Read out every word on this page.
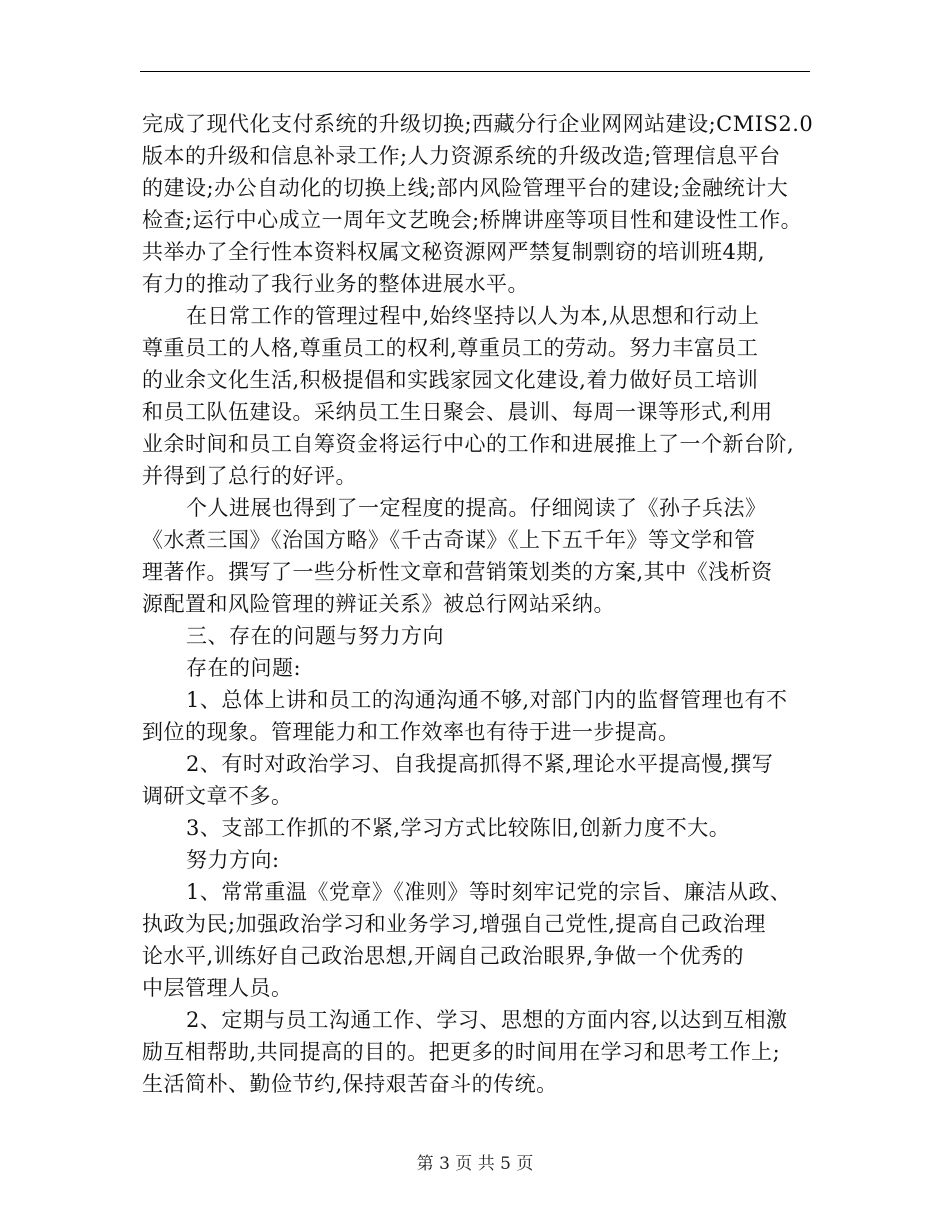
完成了现代化支付系统的升级切换;西藏分行企业网网站建设;CMIS2.0
版本的升级和信息补录工作;人力资源系统的升级改造;管理信息平台
的建设;办公自动化的切换上线;部内风险管理平台的建设;金融统计大
检查;运行中心成立一周年文艺晚会;桥牌讲座等项目性和建设性工作。
共举办了全行性本资料权属文秘资源网严禁复制剽窃的培训班4期,
有力的推动了我行业务的整体进展水平。
在日常工作的管理过程中,始终坚持以人为本,从思想和行动上
尊重员工的人格,尊重员工的权利,尊重员工的劳动。努力丰富员工
的业余文化生活,积极提倡和实践家园文化建设,着力做好员工培训
和员工队伍建设。采纳员工生日聚会、晨训、每周一课等形式,利用
业余时间和员工自筹资金将运行中心的工作和进展推上了一个新台阶,
并得到了总行的好评。
个人进展也得到了一定程度的提高。仔细阅读了《孙子兵法》
《水煮三国》《治国方略》《千古奇谋》《上下五千年》等文学和管
理著作。撰写了一些分析性文章和营销策划类的方案,其中《浅析资
源配置和风险管理的辨证关系》被总行网站采纳。
三、存在的问题与努力方向
存在的问题:
1、总体上讲和员工的沟通沟通不够,对部门内的监督管理也有不
到位的现象。管理能力和工作效率也有待于进一步提高。
2、有时对政治学习、自我提高抓得不紧,理论水平提高慢,撰写
调研文章不多。
3、支部工作抓的不紧,学习方式比较陈旧,创新力度不大。
努力方向:
1、常常重温《党章》《准则》等时刻牢记党的宗旨、廉洁从政、
执政为民;加强政治学习和业务学习,增强自己党性,提高自己政治理
论水平,训练好自己政治思想,开阔自己政治眼界,争做一个优秀的
中层管理人员。
2、定期与员工沟通工作、学习、思想的方面内容,以达到互相激
励互相帮助,共同提高的目的。把更多的时间用在学习和思考工作上;
生活简朴、勤俭节约,保持艰苦奋斗的传统。
第 3 页 共 5 页
